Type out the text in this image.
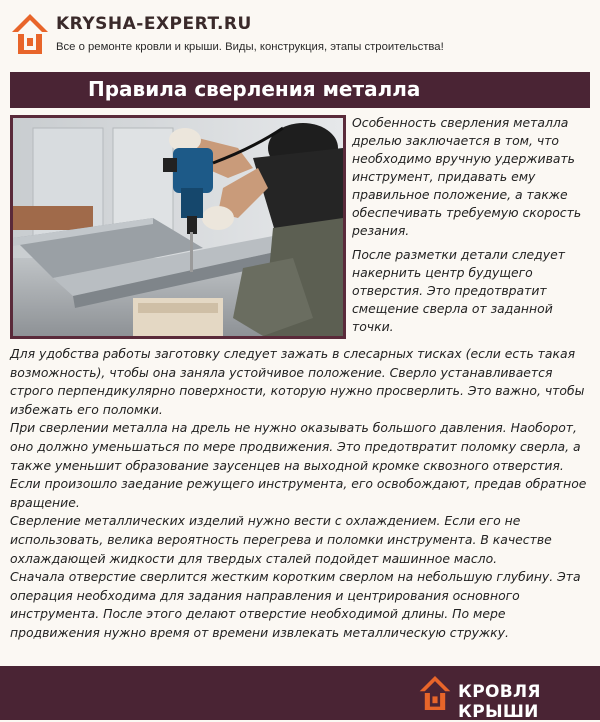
KRYSHA-EXPERT.RU
Все о ремонте кровли и крыши. Виды, конструкция, этапы строительства!
Правила сверления металла

Особенность сверления металла дрелью заключается в том, что необходимо вручную удерживать инструмент, придавать ему правильное положение, а также обеспечивать требуемую скорость резания.

После разметки детали следует накернить центр будущего отверстия. Это предотвратит смещение сверла от заданной точки.

Для удобства работы заготовку следует зажать в слесарных тисках (если есть такая возможность), чтобы она заняла устойчивое положение. Сверло устанавливается строго перпендикулярно поверхности, которую нужно просверлить. Это важно, чтобы избежать его поломки.

При сверлении металла на дрель не нужно оказывать большого давления. Наоборот, оно должно уменьшаться по мере продвижения. Это предотвратит поломку сверла, а также уменьшит образование заусенцев на выходной кромке сквозного отверстия. Если произошло заедание режущего инструмента, его освобождают, предав обратное вращение.

Сверление металлических изделий нужно вести с охлаждением. Если его не использовать, велика вероятность перегрева и поломки инструмента. В качестве охлаждающей жидкости для твердых сталей подойдет машинное масло.

Сначала отверстие сверлится жестким коротким сверлом на небольшую глубину. Эта операция необходима для задания направления и центрирования основного инструмента. После этого делают отверстие необходимой длины. По мере продвижения нужно время от времени извлекать металлическую стружку.

КРОВЛЯ КРЫШИ
